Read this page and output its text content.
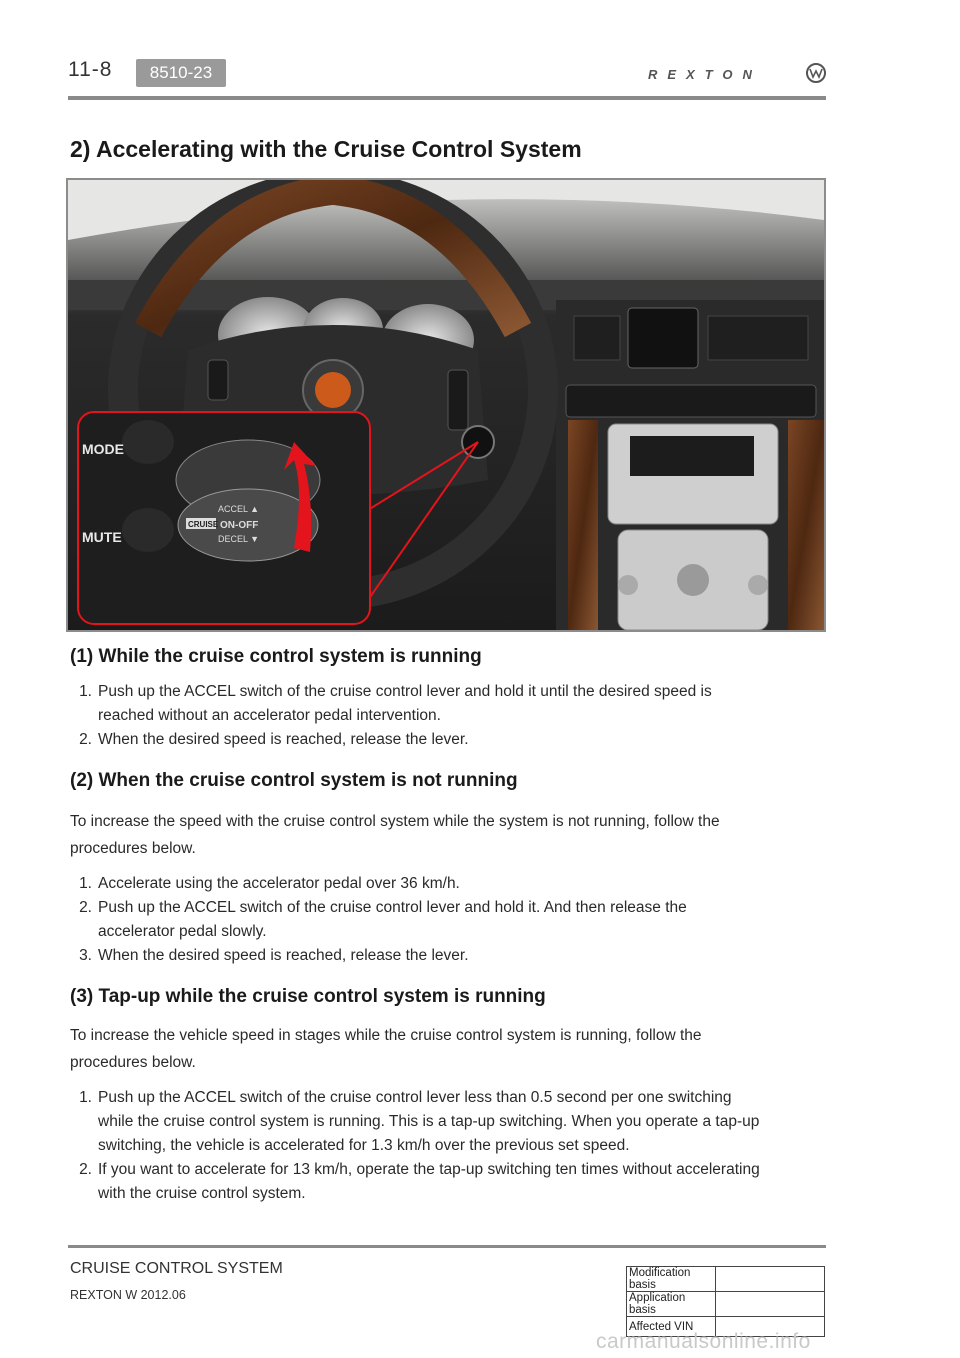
11-8	8510-23	REXTON
2) Accelerating with the Cruise Control System
MODE
MUTE
ACCEL ▲
CRUISE ON-OFF
DECEL ▼
(1) While the cruise control system is running
1. Push up the ACCEL switch of the cruise control lever and hold it until the desired speed is reached without an accelerator pedal intervention.
2. When the desired speed is reached, release the lever.
(2) When the cruise control system is not running

To increase the speed with the cruise control system while the system is not running, follow the procedures below.

1. Accelerate using the accelerator pedal over 36 km/h.
2. Push up the ACCEL switch of the cruise control lever and hold it. And then release the accelerator pedal slowly.
3. When the desired speed is reached, release the lever.
(3) Tap-up while the cruise control system is running

To increase the vehicle speed in stages while the cruise control system is running, follow the procedures below.

1. Push up the ACCEL switch of the cruise control lever less than 0.5 second per one switching while the cruise control system is running. This is a tap-up switching. When you operate a tap-up switching, the vehicle is accelerated for 1.3 km/h over the previous set speed.
2. If you want to accelerate for 13 km/h, operate the tap-up switching ten times without accelerating with the cruise control system.
CRUISE CONTROL SYSTEM
REXTON W 2012.06
Modification basis	
Application basis	
Affected VIN	
carmanualsonline.info
